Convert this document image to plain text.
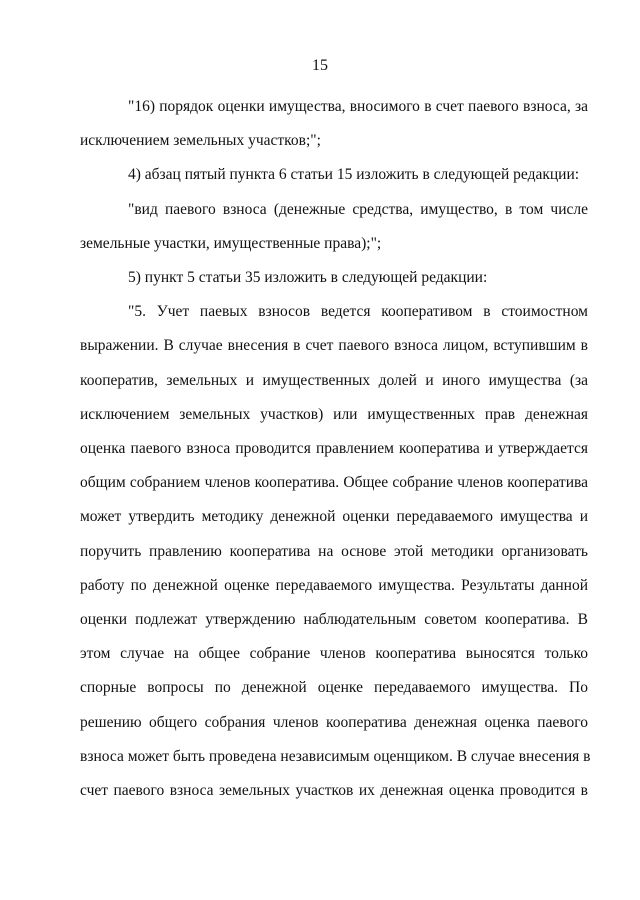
15
"16) порядок оценки имущества, вносимого в счет паевого взноса, за
исключением земельных участков;";
4) абзац пятый пункта 6 статьи 15 изложить в следующей редакции:
"вид паевого взноса (денежные средства, имущество, в том числе
земельные участки, имущественные права);";
5) пункт 5 статьи 35 изложить в следующей редакции:
"5. Учет паевых взносов ведется кооперативом в стоимостном
выражении. В случае внесения в счет паевого взноса лицом, вступившим в
кооператив, земельных и имущественных долей и иного имущества (за
исключением земельных участков) или имущественных прав денежная
оценка паевого взноса проводится правлением кооператива и утверждается
общим собранием членов кооператива. Общее собрание членов кооператива
может утвердить методику денежной оценки передаваемого имущества и
поручить правлению кооператива на основе этой методики организовать
работу по денежной оценке передаваемого имущества. Результаты данной
оценки подлежат утверждению наблюдательным советом кооператива. В
этом случае на общее собрание членов кооператива выносятся только
спорные вопросы по денежной оценке передаваемого имущества. По
решению общего собрания членов кооператива денежная оценка паевого
взноса может быть проведена независимым оценщиком. В случае внесения в
счет паевого взноса земельных участков их денежная оценка проводится в
